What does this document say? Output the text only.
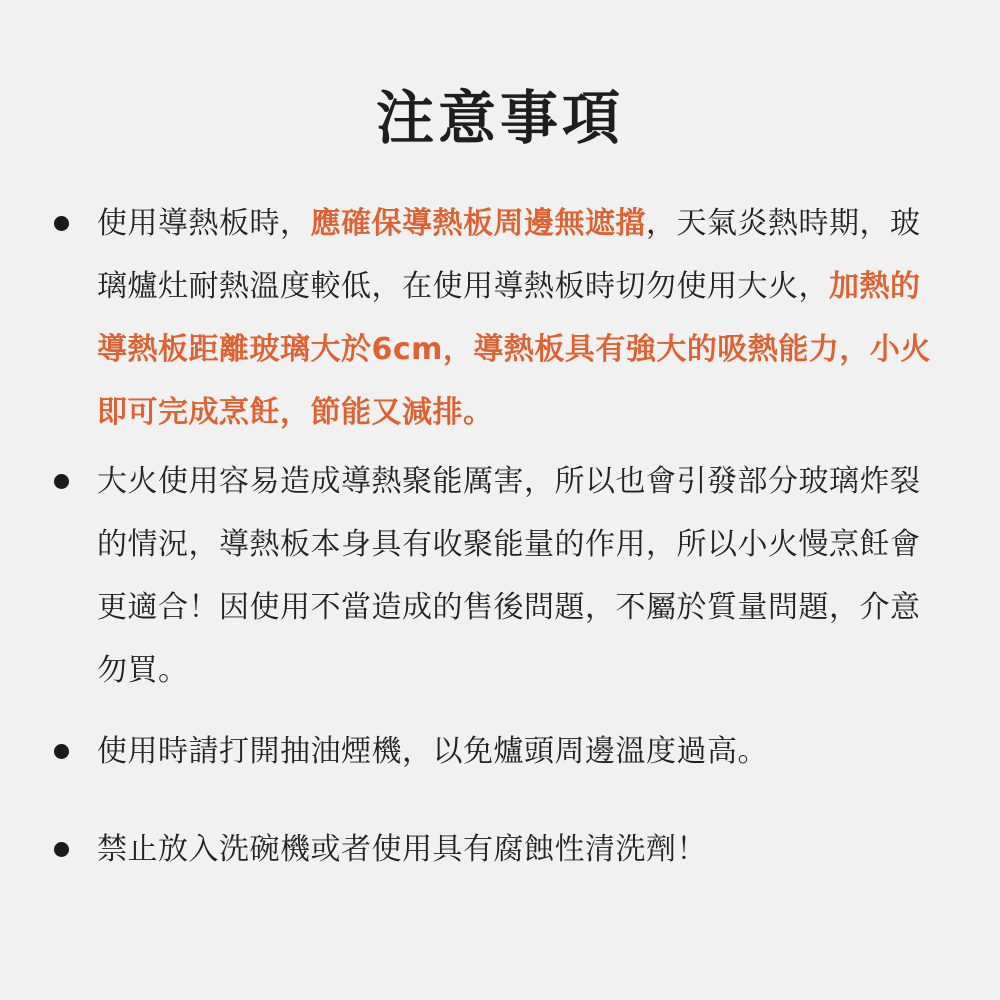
注意事項
使用導熱板時，應確保導熱板周邊無遮擋，天氣炎熱時期，玻璃爐灶耐熱溫度較低，在使用導熱板時切勿使用大火，加熱的導熱板距離玻璃大於6cm，導熱板具有強大的吸熱能力，小火即可完成烹飪，節能又減排。
大火使用容易造成導熱聚能厲害，所以也會引發部分玻璃炸裂的情況，導熱板本身具有收聚能量的作用，所以小火慢烹飪會更適合！因使用不當造成的售後問題，不屬於質量問題，介意勿買。
使用時請打開抽油煙機，以免爐頭周邊溫度過高。
禁止放入洗碗機或者使用具有腐蝕性清洗劑！
